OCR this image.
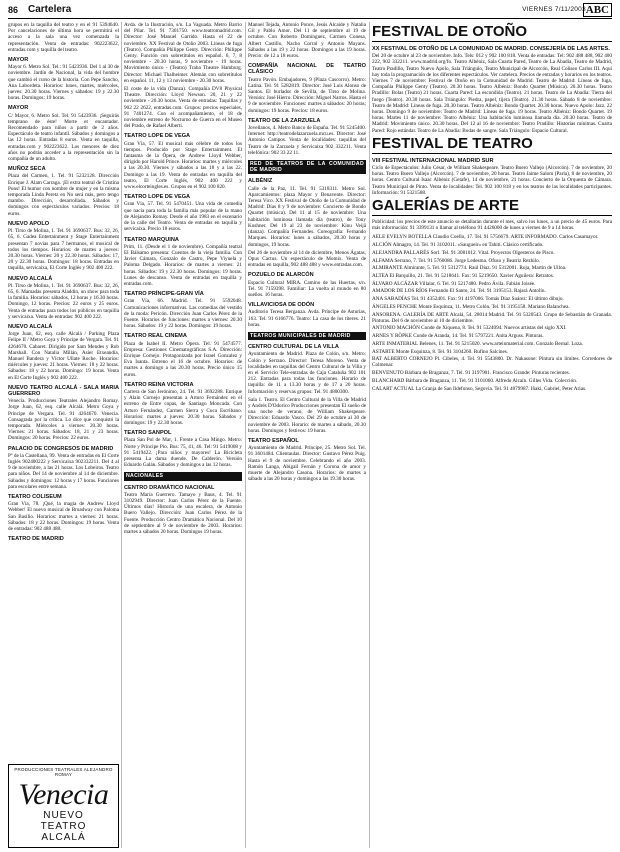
86 Cartelera	VIERNES 7/11/2003 ABC

grupos en la taquilla del teatro y en el 91 5394640. Por cancelaciones de última hora se permitirá el acceso a la sala una vez comenzada la representación. Venta de entradas: 902223622, entradas.com y taquilla del teatro.

MAYOR

Mayor 6. Metro Sol. Tel.: 91 5423936. Del 1 al 30 de noviembre. Jardín de Nacional, la vida del hombre que cambió el curso de la historia. Con Pepe Sancho, Ana Labordeta. Horarios: lunes, martes, miércoles, jueves: 20.30 horas. Viernes y sábados: 19 y 22.30 horas. Domingos: 19 horas.

MAYOR

C/ Mayor, 6. Metro Sol. Tel. 91 5423936. ¡Seguirás temprano de éste! Morte et encantador. Recomendado para niños a partir de 2 años. Espectáculo de teatro infantil. Sábados y domingos a las 12 horas. Entradas 8 euros. Venta en taquilla, entradas.com y 902223622. Los menores de diez años no podrán acceder a la representación sin la compañía de un adulto.

MUÑOZ SECA

Plaza del Carmen, 1. Tel. 91 5232128. Dirección Enrique J. Alam Carraga. ¡El extra teatral de Cristina Pons! El humor con nombre de mujer y en la misma temporada Linda Peretz en No será más, pero tengo mambo. Dirección, desarrollada. Sábados y domingos con espectáculos variados. Precios: 18 euros.

NUEVO APOLO

Pl. Tirso de Molina, 1. Tel. 91 3690637. Bus: 32, 26, 65, 6. Gadea Entertainment y Stage Entertainment presentan 7 novias para 7 hermanos, el musical de todos los tiempos. Horarios: de martes a jueves: 20.30 horas. Viernes: 20 y 22.30 horas. Sábados: 17, 20 y 22.30 horas. Domingos: 18 horas. Entradas en taquilla, servicaixa, El Corte Inglés y 902 400 222.

NUEVO ALCALÁ

Pl. Tirso de Molina, 1. Tel. 91 3690637. Bus: 32, 26, 65, 6. Mamadas presenta Aladdin, un show para toda la familia. Horarios: sábados, 12 horas y 16.30 horas. Domingo, 12 horas. Precios: 22 euros y 25 euros. Venta de entradas para todos los públicos en taquilla y servicaixa. Venta de entradas: 902 400 222.

NUEVO ALCALÁ

Jorge Juan, 62, esq. calle Alcalá / Parking Plaza Felipe II / Metro Goya y Príncipe de Vergara. Tel. 91 4264670. Cabaret. Dirigido por Sam Mendes y Rob Marshall. Con Natalia Millán, Asier Etxeandía, Manuel Bandera y Víctor Ullate Roche. Horarios: miércoles y jueves: 21 horas. Viernes: 18 y 22 horas. Sábados: 18 y 22 horas. Domingo: 19 horas. Venta en El Corte Inglés y 902 400 222.

NUEVO TEATRO ALCALÁ - SALA MARIA GUERRERO

Venecia. Producciones Teatrales Alejandro Romay. Jorge Juan, 62, esq. calle Alcalá. Metro Goya y Príncipe de Vergara. Tel. 91 4264670. Venecia. Consagrada por la crítica. Lo dice que conquistó la temporada. Miércoles a viernes: 20.30 horas. Viernes: 21 horas. Sábados: 18, 21 y 23 horas. Domingos: 20 horas. Precios: 22 euros.

PALACIO DE CONGRESOS DE MADRID

Pº de la Castellana, 99. Venta de entradas en El Corte Inglés 902400222 y Servicaixa 902332211. Del 4 al 9 de noviembre, a las 21 horas. Los Lobeiros. Teatro para niños. Del 14 de noviembre al 14 de diciembre. Sábados y domingos: 12 horas y 17 horas. Funciones para escolares entre semana.

TEATRO COLISEUM

Gran Vía, 78. ¡Qué, la magia de Andrew Lloyd Webber! El nuevo musical de Broadway con Paloma San Basilio. Horarios: martes a viernes: 21 horas. Sábados: 18 y 22 horas. Domingos: 19 horas. Venta de entradas: 902 488 488.

TEATRO DE MADRID

PRODUCCIONES TEATRALES ALEJANDRO ROMAY
Venecia
NUEVO
TEATRO
ALCALÁ

Avda. de la Ilustración, s/n. La Vaguada. Metro Barrio del Pilar. Tel. 91 7301750. www.teatromadrid.com. Director: José Manuel Garrido. Hasta el 22 de noviembre. XX Festival de Otoño 2003. Líneas de fuga (Teatro). Compañía Philippe Genty. Dirección: Philippe Genty. Función con sobretítulos en español. 6, 7, 8 noviembre - 20.30 horas, 9 noviembre - 19 horas. Movimiento único - (Teatro) Traba Theatre Hamburg. Director: Michael Thalheimer. Alemán con sobretítulos en español. 11, 12 y 13 noviembre - 20.30 horas.

El coste de la vida (Danza). Compañía DV8 Physical Theatre. Dirección: Lloyd Newson. 20, 21 y 22 noviembre - 20.30 horas. Venta de entradas: Taquillas y 902 22 2622, entradas.com. Grupos: precios especiales, 91 7401274. Con el acompañamiento, el 18 de noviembre estreno de Nocturno de Guerra en el Museo del Prado, de Rafael Alberti.

TEATRO LOPE DE VEGA

Gran Vía, 57. El musical más célebre de todos los tiempos. Producido por Stage Entertainment. El fantasma de la Ópera, de Andrew Lloyd Webber, dirigido por Harold Prince. Horarios: martes y miércoles a las 20.30. Viernes y sábados a las 18 y a las 22. Domingo a las 19. Venta de entradas en taquilla del teatro, El Corte Inglés, 902 400 222 y www.elcorteingles.es. Grupos en el 902 100 820.

TEATRO LOPE DE VEGA

Gran Vía, 57. Tel. 91 5470451. Una vida de comedia que nacía para toda la familia más popular de la mano de Alejandro Romay. Desde el año 1983 en el escenario de la calle del Teatro. Venta de entradas en taquilla y servicaixa. Precio 18 euros.

TEATRO MARQUINA

Prim, 11. (Desde el 1 de noviembre). Compañía teatral El Bálsamo presenta: Cuentos de la vieja familia. Con Javier Cámara, Gonzalo de Castro, Pepe Viyuela y Paloma Delgado. Horarios: de martes a viernes: 21 horas. Sábados: 19 y 22.30 horas. Domingos: 19 horas. Lunes de descanso. Venta de entradas en taquilla y entradas.com.

TEATRO PRÍNCIPE-GRAN VÍA

Gran Vía, 66. Madrid. Tel. 91 5592048. Comunicaciones informativas. Las comedias del vestido de la moda: Pericón. Dirección Juan Carlos Pérez de la Fuente. Horarios de funciones: martes a viernes: 20.30 horas. Sábados: 19 y 22 horas. Domingos: 19 horas.

TEATRO REAL CINEMA

Plaza de Isabel II. Metro Ópera. Tel. 91 5474577. Empresa: Gestiones Cinematográficas S.A. Dirección: Enrique Cornejo. Protagonizada por Israel Gonzalez y Eva Isanta. Estreno el 16 de octubre. Horarios: de martes a domingo a las 20.30 horas. Precio único 15 euros.

TEATRO REINA VICTORIA

Carrera de San Jerónimo, 24. Tel. 91 3692288. Enrique y Alain Cornejo presentan a Arturo Fernández en el estreno de Entre copas, de Santiago Moncada. Con Arturo Fernández, Carmen Sierra y Cuca Escribano. Horarios: martes a jueves: 20.30 horas. Sábados y domingos: 19 y 22.30 horas.

TEATRO SANPOL

Plaza San Pol de Mar, 1. Frente a Casa Mingo. Metro: Norte y Príncipe Pío. Bus: 75, 41, 46. Tel: 91 5419008 y 91 5419422. ¡Para niños y mayores! La Bicicleta presenta La dama duende. De Calderón. Versión Eduardo Galán. Sábados y domingos a las 12 horas.

NACIONALES
CENTRO DRAMÁTICO NACIONAL

Teatro María Guerrero. Tamayo y Baus, 4. Tel. 91 3102949. Director: Juan Carlos Pérez de la Fuente. Últimos días! Historia de una escalera, de Antonio Buero Vallejo. Dirección: Juan Carlos Pérez de la Fuente. Producción Centro Dramático Nacional. Del 10 de septiembre al 9 de noviembre de 2003. Horarios: martes a sábados 20 horas. Domingos 19 horas.

Manuel Tejada, Antonio Ponce, Jesús Alcaide y Natalia Gil y Pablo Amor. Del 11 de septiembre al 19 de octubre. Con Roberto Domínguez, Carmen Conesa, Albert Castillo, Nacho Corral y Antonio Mayans. Sábados a las 19 y 22 horas. Domingos a las 19 horas. Precio: de 12 a 18 euros.

COMPAÑÍA NACIONAL DE TEATRO CLÁSICO

Teatro Pavón. Embajadores, 9 (Plaza Cascorro). Metro: Latina. Tel. 91 5282819. Director: José Luis Alonso de Santos. El burlador de Sevilla, de Tirso de Molina. Versión: José Hierro. Dirección: Miguel Narros. Hasta el 9 de noviembre. Funciones: martes a sábados: 20 horas; domingos: 19 horas. Precios: 18 euros.

TEATRO DE LA ZARZUELA

Jovellanos, 4. Metro Banco de España. Tel. 91 5245400. Internet: http://teatrodelazarzuela.mcu.es. Director: José Antonio Campos. Venta de localidades: taquillas del Teatro de la Zarzuela y Servicaixa 902 332211. Venta telefónica: 902 33 22 11.

RED DE TEATROS DE LA COMUNIDAD DE MADRID
ALBÉNIZ

Calle de la Paz, 11. Tel. 91 5318311. Metro Sol. Aparcamientos: plaza Mayor y Benavente. Director: Teresa Vico. XX Festival de Otoño de la Comunidad de Madrid: Días 8 y 9 de noviembre: Concierto de Bondo Quartet (música). Del 11 al 15 de noviembre: Una habitación luminosa llamada día (teatro), de Tony Kushner. Del 19 al 23 de noviembre: Kinu Veijā (danza). Compañía Fernandes. Coreografía: Fernando Marques. Horarios: lunes a sábados, 20.30 horas y domingos, 19 horas.

Del 26 de noviembre al 14 de diciembre, Menos Ágatas, Opus Cactus. Un espectáculo de Momix. Venta de entradas en taquilla, 902 488 488 y www.entradas.com.

POZUELO DE ALARCÓN

Espacio Cultural MIRA. Camino de las Huertas, s/n. Tel. 91 7159398. Familiar: La vuelta al mundo en 80 sueños. 16 horas.

VILLAVICIOSA DE ODÓN

Auditorio Teresa Berganza. Avda. Príncipe de Asturias, 163. Tel. 91 6166776. Teatro: La casa de los títeres. 21 horas.

TEATROS MUNICIPALES DE MADRID
CENTRO CULTURAL DE LA VILLA

Ayuntamiento de Madrid. Plaza de Colón, s/n. Metro: Colón y Serrano. Director: Teresa Moreno. Venta de localidades en taquillas del Centro Cultural de la Villa y en el Servicio Tele-entradas de Caja Cataluña 902 101 212. Entradas para todas las funciones. Horario de taquilla: de 11 a 13.30 horas y de 17 a 20 horas. Información y reservas grupos: Tel. 91 4800300.

Sala 1. Teatro. El Centro Cultural de la Villa de Madrid y Andrés D'Odorico Producciones presentan El sueño de una noche de verano, de William Shakespeare. Dirección: Eduardo Vasco. Del 29 de octubre al 30 de noviembre de 2003. Horario: de martes a sábado, 20.30 horas. Domingos y festivos: 19 horas.

TEATRO ESPAÑOL

Ayuntamiento de Madrid. Príncipe, 25. Metro Sol. Tel. 91 3601484. Clientaulas. Director: Gustavo Pérez Puig. Hasta el 9 de noviembre. Celebrando el año 2003. Ramón Langa, Abigail Fernán y Corona de amor y muerte de Alejandro Casona. Horarios: de martes a sábado a las 20 horas y domingos a las 19.30 horas.

FESTIVAL DE OTOÑO
XX FESTIVAL DE OTOÑO DE LA COMUNIDAD DE MADRID. CONSEJERÍA DE LAS ARTES.

Del 20 de octubre al 23 de noviembre. Info. Tels: 012 y 902 100 818. Venta de entradas: Tel: 902 488 488, 902 400 222, 902 332211. www.madrid.org/fo. Teatro Albéniz, Sala Cuarta Pared, Teatro de La Abadía, Teatro de Madrid, Teatro Pradillo, Teatro Nuevo Apolo, Sala Triángulo, Teatro Municipal de Alcorcón, Real Coliseo Carlos III. Aquí hay toda la programación de los diferentes espectáculos. Ver cartelera. Precios de entradas y horarios en los teatros. Viernes 7 de noviembre: Festival de Otoño en la Comunidad de Madrid. Teatro de Madrid: Líneas de fuga, Compañía Philippe Genty (Teatro). 20.30 horas. Teatro Albéniz: Bondo Quartet (Música). 20.30 horas. Teatro Pradillo: Bolas (Teatro) 21 horas. Cuarta Pared: La escondida (Teatro). 21 horas. Teatro de La Abadía: Tierra del fuego (Teatro). 20.30 horas. Sala Triángulo: Piedra, papel, tijera (Teatro). 21.30 horas. Sábado 8 de noviembre: Teatro de Madrid: Líneas de fuga. 20.30 horas. Teatro Albéniz: Bondo Quartet. 20.30 horas. Nuevo Apolo: Jazz. 22 horas. Domingo 9 de noviembre: Teatro de Madrid: Líneas de fuga. 19 horas. Teatro Albéniz: Bondo Quartet. 19 horas. Martes 11 de noviembre: Teatro Albéniz: Una habitación luminosa llamada día. 20.30 horas. Teatro de Madrid: Movimiento único. 20.30 horas. Del 12 al 16 de noviembre: Teatro Pradillo: Historias mínimas. Cuarta Pared: Rojo estándar. Teatro de La Abadía: Bodas de sangre. Sala Triángulo: Espacio Cultural.

FESTIVAL DE TEATRO
VIII FESTIVAL INTERNACIONAL MADRID SUR

Ciclo de Espectáculos: Julio César, de William Shakespeare. Teatro Buero Vallejo (Alcorcón). 7 de noviembre, 20 horas. Teatro Buero Vallejo (Alcorcón). 7 de noviembre, 20 horas. Teatro Jaime Salom (Parla), 8 de noviembre, 20 horas. Centro Cultural Isaac Albéniz (Getafe), 14 de noviembre, 21 horas. Concierto de la Orquesta de Cámara. Teatro Municipal de Pinto. Venta de localidades: Tel. 902 100 818 y en los teatros de las localidades participantes. Información: 91 5321588.

GALERÍAS DE ARTE

Publicidad: los precios de este anuncio se detallarán durante el mes, salvo los lunes, a un precio de 45 euros. Para más información: 91 3399131 o llamar al teléfono 91 4426000 de lunes a viernes de 9 a 14 horas.

AELE EVELYN BOTELLA Claudio Coello, 17. Tel. 91 5756679. ARTE INFORMADO. Carlos Casamayor.

ALCIÓN Almagro, 14. Tel. 91 3102011. «Saugueir» en Tahiti. Clásico certificado.

ALEJANDRA PALLARÉS Sorl. Tel. 91 3081012. Vital. Proyectos Olgesteros de Pisco.

ALFAMA Serrano, 7. Tel. 91 5760086. Jorge Ledesma. Ofuso y Beatriz Rezhilo.

ALMIRANTE Almirante, 5. Tel. 91 5312774. Raúl Díaz. 91 5312001. Roja, Martín de Ulloa.

ALTEA El Barquillo, 21. Tel. 91 5218641. Fax: 91 5219650. Xavier Aguilera: Retratos.

ÁLVARO ALCÁZAR Villalar, 6. Tel. 91 5217480. Pedro Ávila. Fabián Joisée.

AMADOR DE LOS RÍOS Fernando El Santo, 24. Tel. 91 3195153. Rajará Antolín.

ANA SABADÍAS Tel. 91 4352401. Fax: 91 4197006. Tomás Díaz Suárez: El último dibujo.

ÁNGELES PENCHE Monte Esquinza, 11. Metro Colón. Tel. 91 3195158. Mariano Balanchea.

ANSORENA. GALERÍA DE ARTE Alcalá, 54. 28014 Madrid. Tel. 91 5320543. Grupo de Sebastián de Granada. Pinturas. Del 6 de noviembre al 10 de diciembre.

ANTONIO MACHÓN Conde de Xiquena, 8. Tel. 91 5324094. Nuevos artistas del siglo XXI.

ARNES Y RÖPKE Conde de Aranda, 14. Tel. 91 5797221. Anita Arguss. Pinturas.

ARTE INMATERIAL Belenes, 11. Tel. 91 5215020. www.arteinmaterial.com. Gonzalo Bernal. Loza.

ASTARTE Monte Esquinza, 8. Tel. 91 3104260. Rufino Salcines.

BAT ALBERTO CORNEJO Pl. Cibeles, 4. Tel. 91 5543800. Dr. Nakasone: Pintura sin límites. Corredores de Colmenar.

BENVENUTO Bárbara de Braganza, 7. Tel. 91 3197901. Francisco Grande: Pinturas recientes.

BLANCHARD Bárbara de Braganza, 11. Tel. 91 3101060. Alfredo Alcaín. Gilles Vida. Colección.

CALART ACTUAL La Granja de San Ildefonso, Segovia. Tel. 91 4079987. Iñaki, Gabriel, Peter Arias.
